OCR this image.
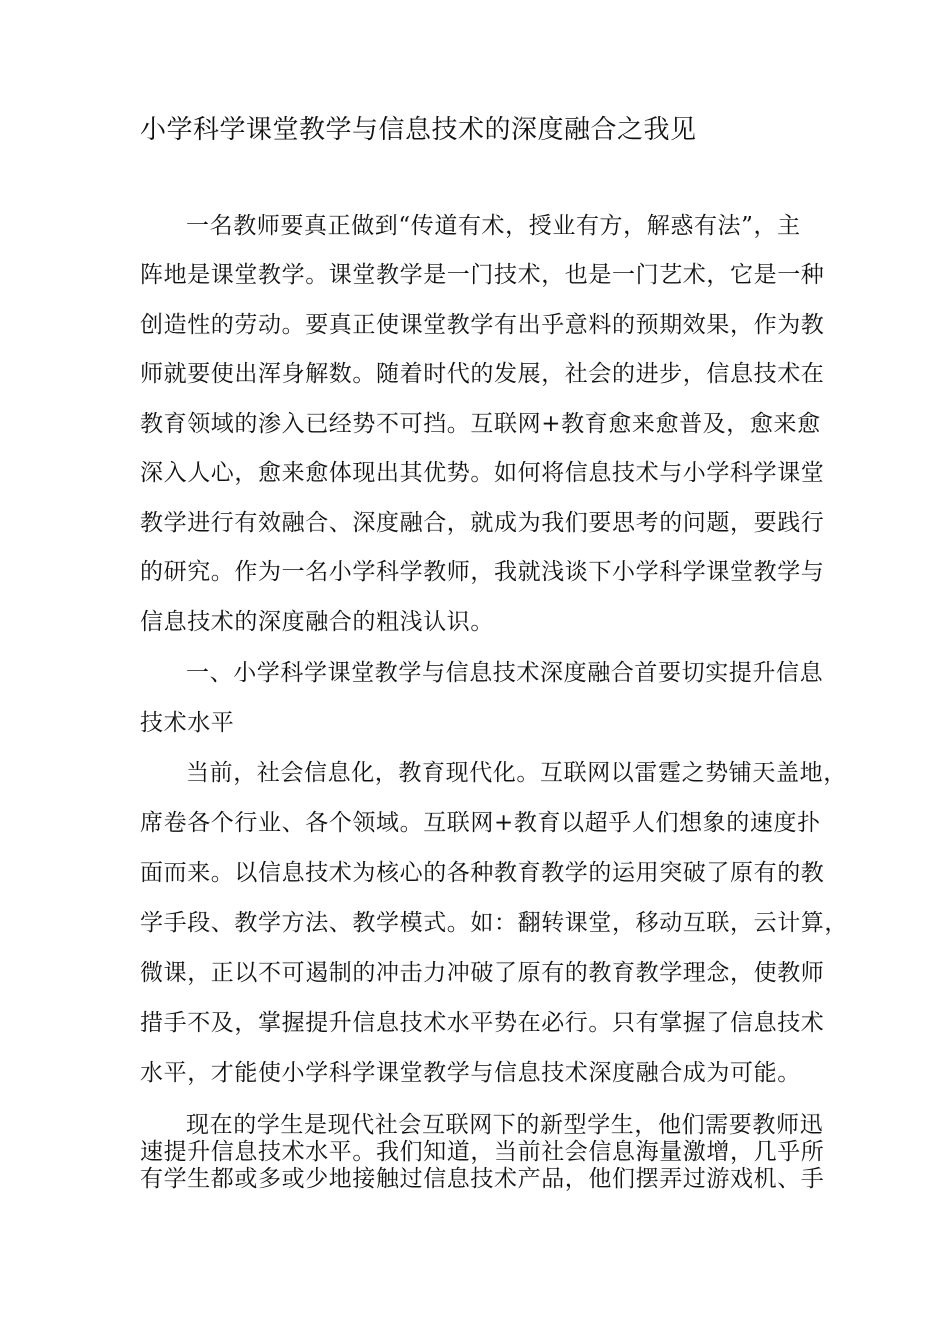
小学科学课堂教学与信息技术的深度融合之我见
一名教师要真正做到“传道有术，授业有方，解惑有法”，主
阵地是课堂教学。课堂教学是一门技术，也是一门艺术，它是一种
创造性的劳动。要真正使课堂教学有出乎意料的预期效果，作为教
师就要使出浑身解数。随着时代的发展，社会的进步，信息技术在
教育领域的渗入已经势不可挡。互联网+教育愈来愈普及，愈来愈
深入人心，愈来愈体现出其优势。如何将信息技术与小学科学课堂
教学进行有效融合、深度融合，就成为我们要思考的问题，要践行
的研究。作为一名小学科学教师，我就浅谈下小学科学课堂教学与
信息技术的深度融合的粗浅认识。
一、小学科学课堂教学与信息技术深度融合首要切实提升信息
技术水平
当前，社会信息化，教育现代化。互联网以雷霆之势铺天盖地，
席卷各个行业、各个领域。互联网+教育以超乎人们想象的速度扑
面而来。以信息技术为核心的各种教育教学的运用突破了原有的教
学手段、教学方法、教学模式。如：翻转课堂，移动互联，云计算，
微课，正以不可遏制的冲击力冲破了原有的教育教学理念，使教师
措手不及，掌握提升信息技术水平势在必行。只有掌握了信息技术
水平，才能使小学科学课堂教学与信息技术深度融合成为可能。
现在的学生是现代社会互联网下的新型学生，他们需要教师迅
速提升信息技术水平。我们知道，当前社会信息海量激增，几乎所
有学生都或多或少地接触过信息技术产品，他们摆弄过游戏机、手
